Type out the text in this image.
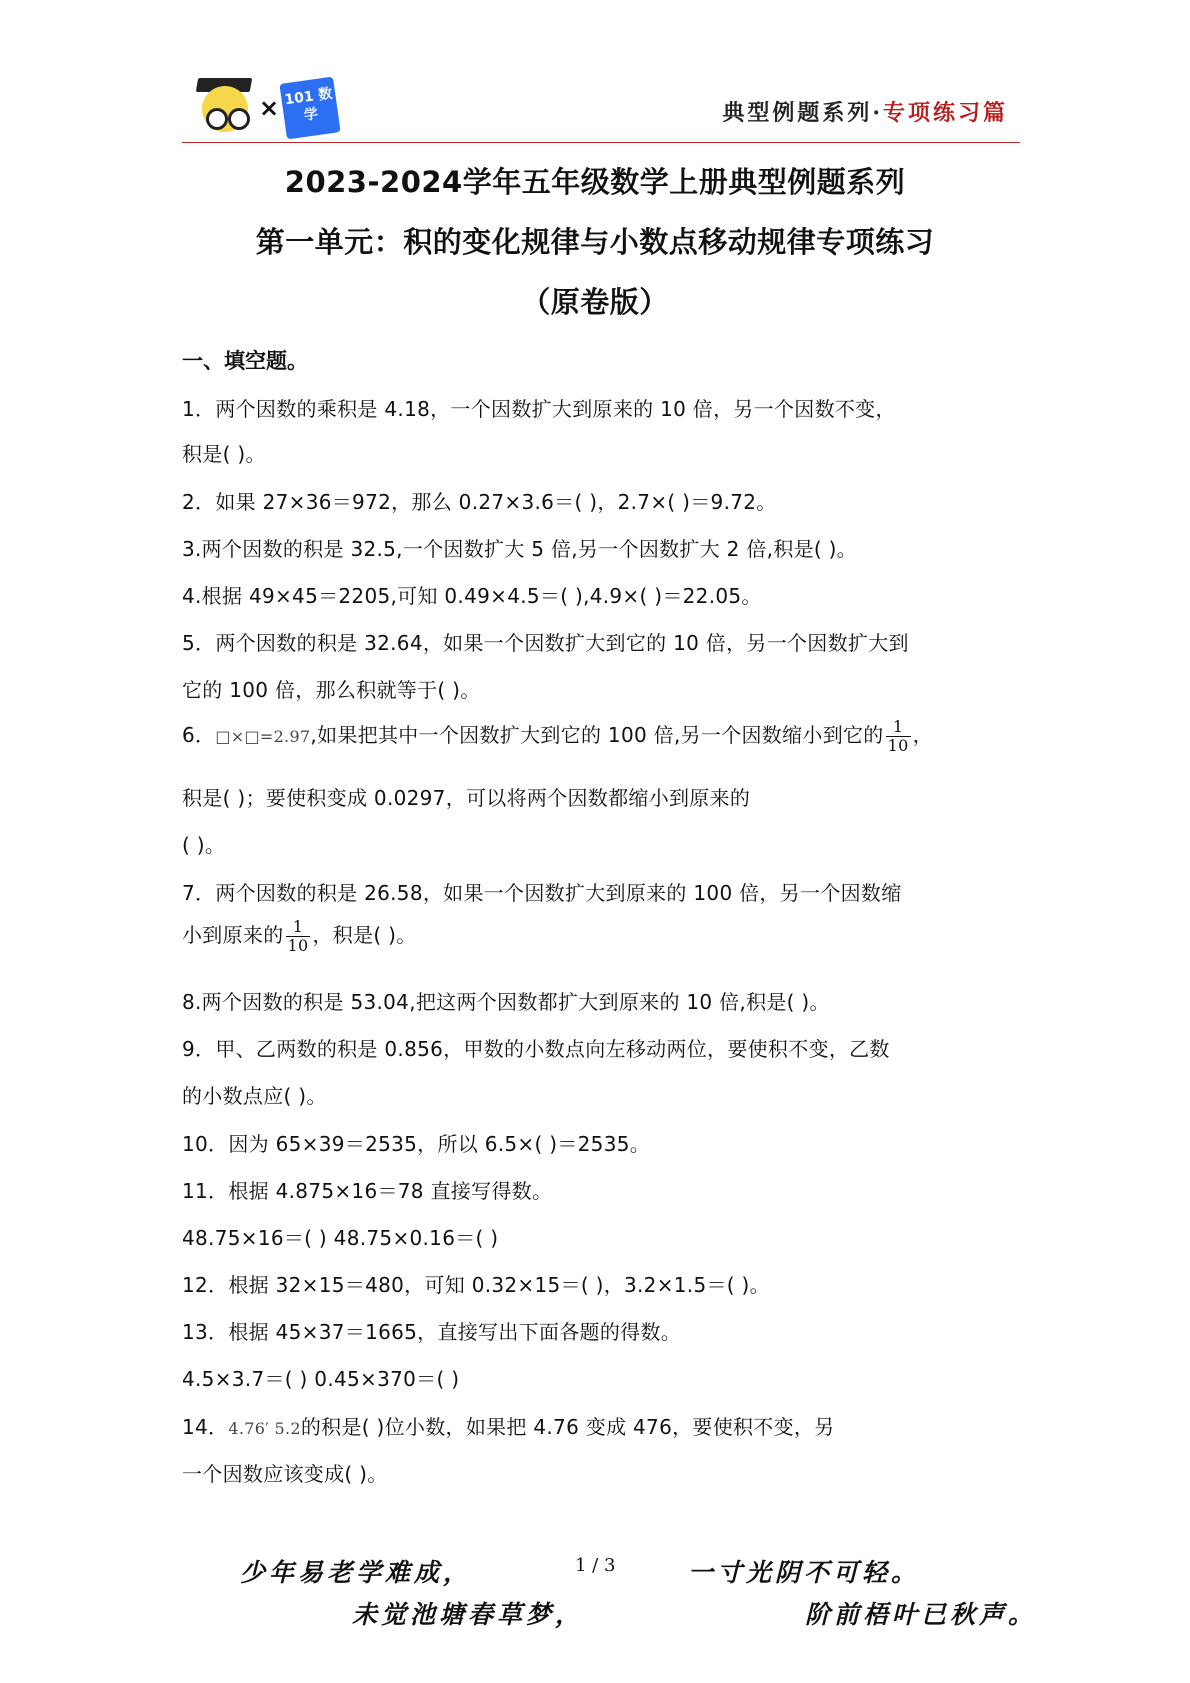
× 101 数学	典型例题系列·专项练习篇
2023-2024学年五年级数学上册典型例题系列
第一单元：积的变化规律与小数点移动规律专项练习
（原卷版）
一、填空题。
1．两个因数的乘积是 4.18，一个因数扩大到原来的 10 倍，另一个因数不变，
积是( )。
2．如果 27×36＝972，那么 0.27×3.6＝( )，2.7×( )＝9.72。
3.两个因数的积是 32.5,一个因数扩大 5 倍,另一个因数扩大 2 倍,积是( )。
4.根据 49×45＝2205,可知 0.49×4.5＝( ),4.9×( )＝22.05。
5．两个因数的积是 32.64，如果一个因数扩大到它的 10 倍，另一个因数扩大到
它的 100 倍，那么积就等于( )。
6．□×□=2.97,如果把其中一个因数扩大到它的 100 倍,另一个因数缩小到它的 $\frac{1}{10}$ ，
积是( )；要使积变成 0.0297，可以将两个因数都缩小到原来的
( )。
7．两个因数的积是 26.58，如果一个因数扩大到原来的 100 倍，另一个因数缩
小到原来的 $\frac{1}{10}$ ，积是( )。
8.两个因数的积是 53.04,把这两个因数都扩大到原来的 10 倍,积是( )。
9．甲、乙两数的积是 0.856，甲数的小数点向左移动两位，要使积不变，乙数
的小数点应( )。
10．因为 65×39＝2535，所以 6.5×( )＝2535。
11．根据 4.875×16＝78 直接写得数。
48.75×16＝( ) 48.75×0.16＝( )
12．根据 32×15＝480，可知 0.32×15＝( )，3.2×1.5＝( )。
13．根据 45×37＝1665，直接写出下面各题的得数。
4.5×3.7＝( ) 0.45×370＝( )
14．4.76′ 5.2的积是( )位小数，如果把 4.76 变成 476，要使积不变，另
一个因数应该变成( )。
少年易老学难成，	1 / 3	一寸光阴不可轻。
未觉池塘春草梦，	阶前梧叶已秋声。
